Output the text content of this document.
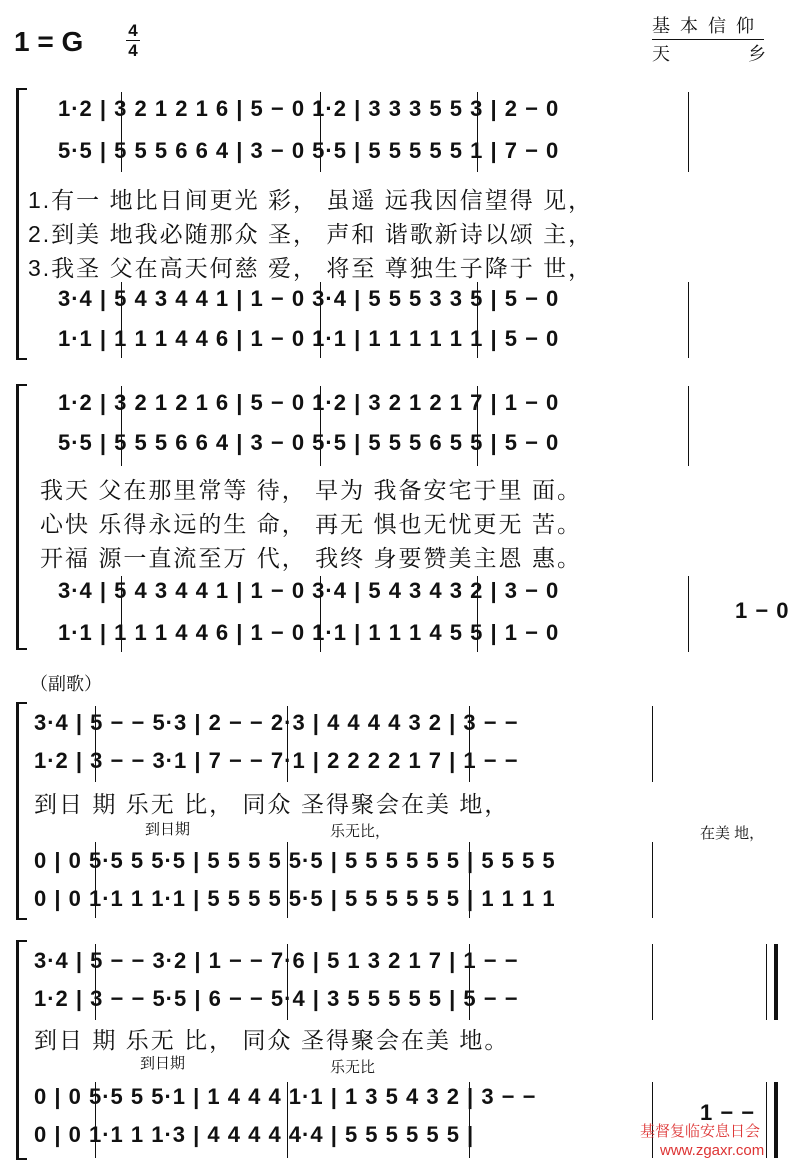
1 = G	4
4
基本信仰
天	乡
1·2 | 3 2 1 2 1 6 | 5 − 0 1·2 | 3 3 3 5 5 3 | 2 − 0
5·5 | 5 5 5 6 6 4 | 3 − 0 5·5 | 5 5 5 5 5 1 | 7 − 0
1.有一 地比日间更光 彩， 虽遥 远我因信望得 见，
2.到美 地我必随那众 圣， 声和 谐歌新诗以颂 主，
3.我圣 父在高天何慈 爱， 将至 尊独生子降于 世，
3·4 | 5 4 3 4 4 1 | 1 − 0 3·4 | 5 5 5 3 3 5 | 5 − 0
1·1 | 1 1 1 4 4 6 | 1 − 0 1·1 | 1 1 1 1 1 1 | 5 − 0
1·2 | 3 2 1 2 1 6 | 5 − 0 1·2 | 3 2 1 2 1 7 | 1 − 0
5·5 | 5 5 5 6 6 4 | 3 − 0 5·5 | 5 5 5 6 5 5 | 5 − 0
我天 父在那里常等 待， 早为 我备安宅于里 面。
心快 乐得永远的生 命， 再无 惧也无忧更无 苦。
开福 源一直流至万 代， 我终 身要赞美主恩 惠。
3·4 | 5 4 3 4 4 1 | 1 − 0 3·4 | 5 4 3 4 3 2 | 3 − 0
1 − 0
1·1 | 1 1 1 4 4 6 | 1 − 0 1·1 | 1 1 1 4 5 5 | 1 − 0
（副歌）
3·4 | 5 − − 5·3 | 2 − − 2·3 | 4 4 4 4 3 2 | 3 − −
1·2 | 3 − − 3·1 | 7 − − 7·1 | 2 2 2 2 1 7 | 1 − −
到日 期 乐无 比， 同众 圣得聚会在美 地，
到日期	乐无比，	在美 地，
0 | 0 5·5 5 5·5 | 5 5 5 5 5·5 | 5 5 5 5 5 5 | 5 5 5 5
0 | 0 1·1 1 1·1 | 5 5 5 5 5·5 | 5 5 5 5 5 5 | 1 1 1 1
3·4 | 5 − − 3·2 | 1 − − 7·6 | 5 1 3 2 1 7 | 1 − −
1·2 | 3 − − 5·5 | 6 − − 5·4 | 3 5 5 5 5 5 | 5 − −
到日 期 乐无 比， 同众 圣得聚会在美 地。
到日期	乐无比
0 | 0 5·5 5 5·1 | 1 4 4 4 1·1 | 1 3 5 4 3 2 | 3 − −
1 − −
0 | 0 1·1 1 1·3 | 4 4 4 4 4·4 | 5 5 5 5 5 5 |	基督复临安息日会
www.zgaxr.com
